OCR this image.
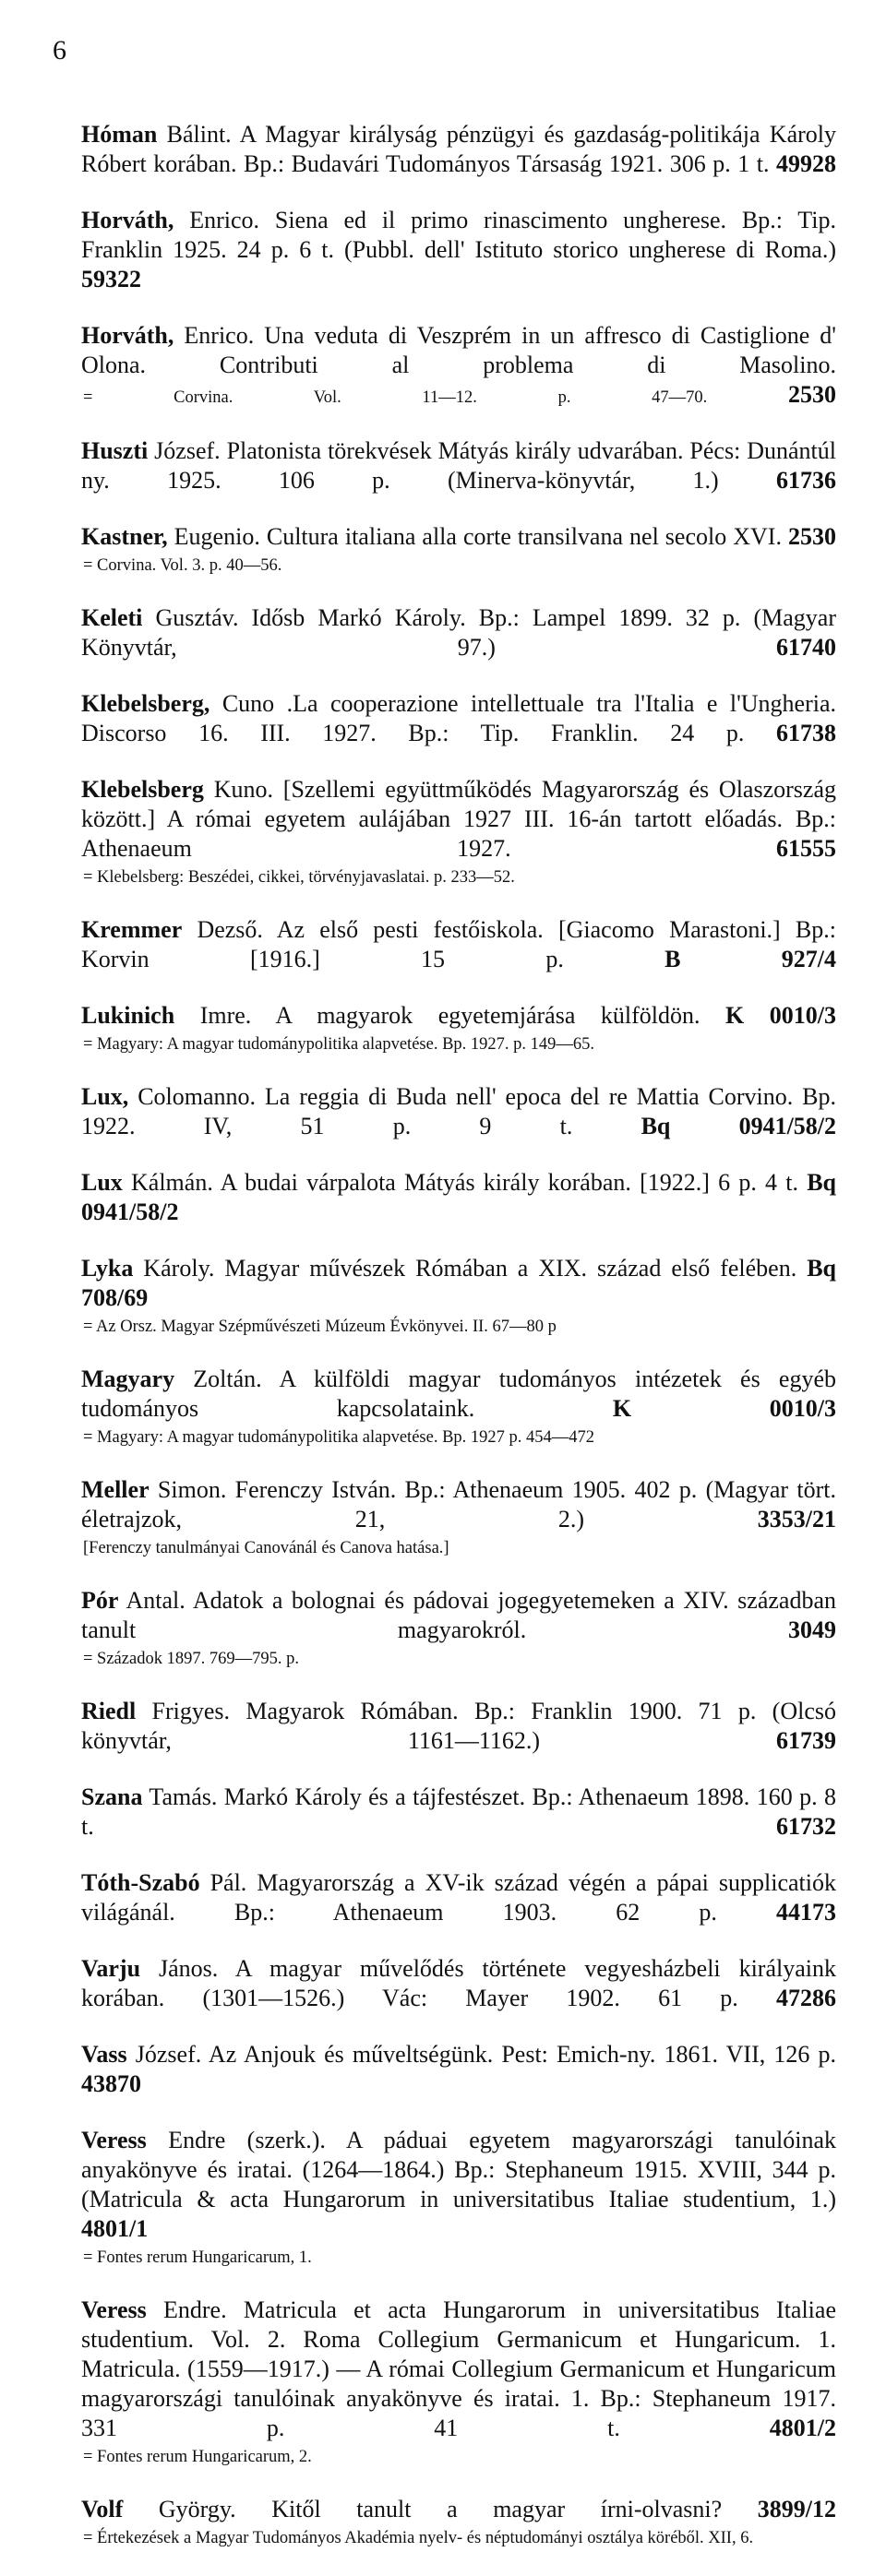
6
Hóman Bálint. A Magyar királyság pénzügyi és gazdaság-politikája Károly Róbert korában. Bp.: Budavári Tudományos Társaság 1921. 306 p. 1 t. 49928
Horváth, Enrico. Siena ed il primo rinascimento ungherese. Bp.: Tip. Franklin 1925. 24 p. 6 t. (Pubbl. dell' Istituto storico ungherese di Roma.) 59322
Horváth, Enrico. Una veduta di Veszprém in un affresco di Castiglione d' Olona. Contributi al problema di Masolino.
= Corvina. Vol. 11—12. p. 47—70.	2530
Huszti József. Platonista törekvések Mátyás király udvarában. Pécs: Dunántúl ny. 1925. 106 p. (Minerva-könyvtár, 1.) 61736
Kastner, Eugenio. Cultura italiana alla corte transilvana nel secolo XVI. 2530
= Corvina. Vol. 3. p. 40—56.
Keleti Gusztáv. Idősb Markó Károly. Bp.: Lampel 1899. 32 p. (Magyar Könyvtár, 97.)	61740
Klebelsberg, Cuno .La cooperazione intellettuale tra l'Italia e l'Ungheria. Discorso 16. III. 1927. Bp.: Tip. Franklin. 24 p. 61738
Klebelsberg Kuno. [Szellemi együttműködés Magyarország és Olaszország között.] A római egyetem aulájában 1927 III. 16-án tartott előadás. Bp.: Athenaeum 1927.	61555
= Klebelsberg: Beszédei, cikkei, törvényjavaslatai. p. 233—52.
Kremmer Dezső. Az első pesti festőiskola. [Giacomo Marastoni.] Bp.: Korvin [1916.] 15 p.	B 927/4
Lukinich Imre. A magyarok egyetemjárása külföldön. K 0010/3
= Magyary: A magyar tudománypolitika alapvetése. Bp. 1927. p. 149—65.
Lux, Colomanno. La reggia di Buda nell' epoca del re Mattia Corvino. Bp. 1922. IV, 51 p. 9 t.	Bq 0941/58/2
Lux Kálmán. A budai várpalota Mátyás király korában. [1922.] 6 p. 4 t. Bq 0941/58/2
Lyka Károly. Magyar művészek Rómában a XIX. század első felében. Bq 708/69
= Az Orsz. Magyar Szépművészeti Múzeum Évkönyvei. II. 67—80 p
Magyary Zoltán. A külföldi magyar tudományos intézetek és egyéb tudományos kapcsolataink.	K 0010/3
= Magyary: A magyar tudománypolitika alapvetése. Bp. 1927 p. 454—472
Meller Simon. Ferenczy István. Bp.: Athenaeum 1905. 402 p. (Magyar tört. életrajzok, 21, 2.)	3353/21
[Ferenczy tanulmányai Canovánál és Canova hatása.]
Pór Antal. Adatok a bolognai és pádovai jogegyetemeken a XIV. században tanult magyarokról.	3049
= Századok 1897. 769—795. p.
Riedl Frigyes. Magyarok Rómában. Bp.: Franklin 1900. 71 p. (Olcsó könyvtár, 1161—1162.)	61739
Szana Tamás. Markó Károly és a tájfestészet. Bp.: Athenaeum 1898. 160 p. 8 t.	61732
Tóth-Szabó Pál. Magyarország a XV-ik század végén a pápai supplicatiók világánál. Bp.: Athenaeum 1903. 62 p. 44173
Varju János. A magyar művelődés története vegyesházbeli királyaink korában. (1301—1526.) Vác: Mayer 1902. 61 p. 47286
Vass József. Az Anjouk és műveltségünk. Pest: Emich-ny. 1861. VII, 126 p. 43870
Veress Endre (szerk.). A páduai egyetem magyarországi tanulóinak anyakönyve és iratai. (1264—1864.) Bp.: Stephaneum 1915. XVIII, 344 p. (Matricula & acta Hungarorum in universitatibus Italiae studentium, 1.) 4801/1
= Fontes rerum Hungaricarum, 1.
Veress Endre. Matricula et acta Hungarorum in universitatibus Italiae studentium. Vol. 2. Roma Collegium Germanicum et Hungaricum. 1. Matricula. (1559—1917.) — A római Collegium Germanicum et Hungaricum magyarországi tanulóinak anyakönyve és iratai. 1. Bp.: Stephaneum 1917. 331 p. 41 t.	4801/2
= Fontes rerum Hungaricarum, 2.
Volf György. Kitől tanult a magyar írni-olvasni? 3899/12
= Értekezések a Magyar Tudományos Akadémia nyelv- és néptudományi osztálya köréből. XII, 6.
